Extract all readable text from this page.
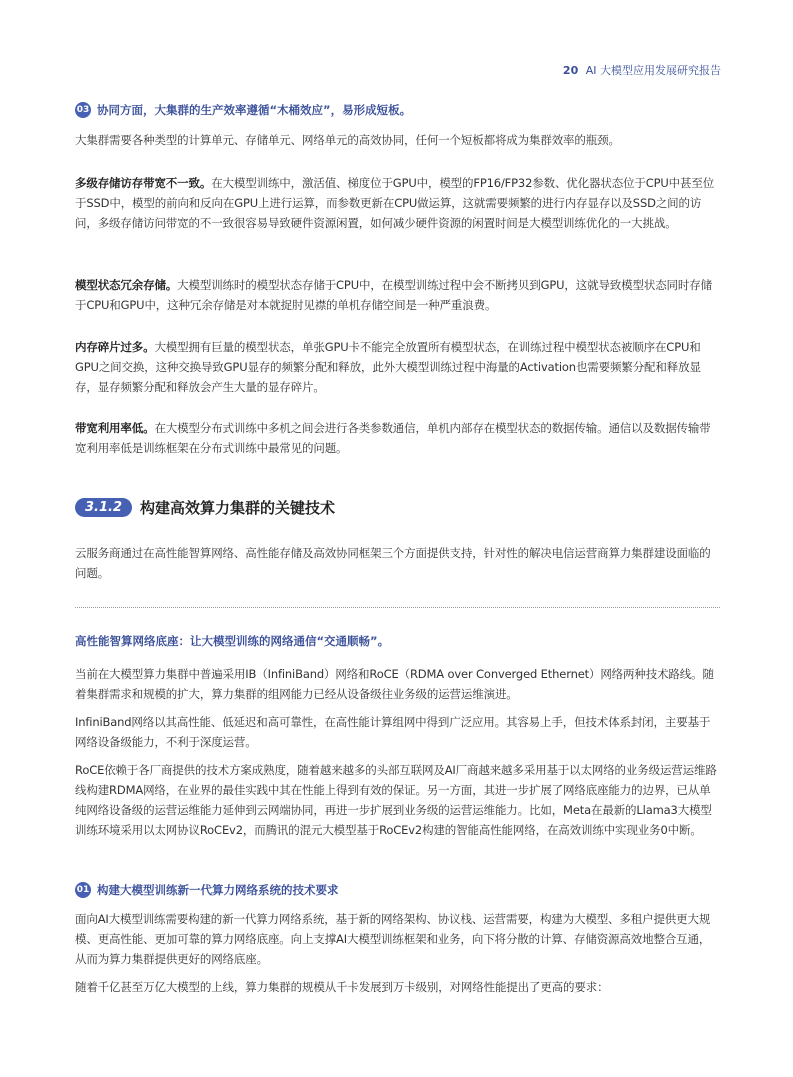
20 AI 大模型应用发展研究报告
03 协同方面，大集群的生产效率遵循“木桶效应”，易形成短板。

大集群需要各种类型的计算单元、存储单元、网络单元的高效协同，任何一个短板都将成为集群效率的瓶颈。

多级存储访存带宽不一致。在大模型训练中，激活值、梯度位于GPU中，模型的FP16/FP32参数、优化器状态位于CPU中甚至位于SSD中，模型的前向和反向在GPU上进行运算，而参数更新在CPU做运算，这就需要频繁的进行内存显存以及SSD之间的访问，多级存储访问带宽的不一致很容易导致硬件资源闲置，如何减少硬件资源的闲置时间是大模型训练优化的一大挑战。

模型状态冗余存储。大模型训练时的模型状态存储于CPU中，在模型训练过程中会不断拷贝到GPU，这就导致模型状态同时存储于CPU和GPU中，这种冗余存储是对本就捉肘见襟的单机存储空间是一种严重浪费。

内存碎片过多。大模型拥有巨量的模型状态，单张GPU卡不能完全放置所有模型状态，在训练过程中模型状态被顺序在CPU和GPU之间交换，这种交换导致GPU显存的频繁分配和释放，此外大模型训练过程中海量的Activation也需要频繁分配和释放显存，显存频繁分配和释放会产生大量的显存碎片。

带宽利用率低。在大模型分布式训练中多机之间会进行各类参数通信，单机内部存在模型状态的数据传输。通信以及数据传输带宽利用率低是训练框架在分布式训练中最常见的问题。

3.1.2	构建高效算力集群的关键技术

云服务商通过在高性能智算网络、高性能存储及高效协同框架三个方面提供支持，针对性的解决电信运营商算力集群建设面临的问题。

高性能智算网络底座：让大模型训练的网络通信“交通顺畅”。

当前在大模型算力集群中普遍采用IB（InfiniBand）网络和RoCE（RDMA over Converged Ethernet）网络两种技术路线。随着集群需求和规模的扩大，算力集群的组网能力已经从设备级往业务级的运营运维演进。

InfiniBand网络以其高性能、低延迟和高可靠性，在高性能计算组网中得到广泛应用。其容易上手，但技术体系封闭，主要基于网络设备级能力，不利于深度运营。

RoCE依赖于各厂商提供的技术方案成熟度，随着越来越多的头部互联网及AI厂商越来越多采用基于以太网络的业务级运营运维路线构建RDMA网络，在业界的最佳实践中其在性能上得到有效的保证。另一方面，其进一步扩展了网络底座能力的边界，已从单纯网络设备级的运营运维能力延伸到云网端协同，再进一步扩展到业务级的运营运维能力。比如，Meta在最新的Llama3大模型训练环境采用以太网协议RoCEv2，而腾讯的混元大模型基于RoCEv2构建的智能高性能网络，在高效训练中实现业务0中断。

01 构建大模型训练新一代算力网络系统的技术要求

面向AI大模型训练需要构建的新一代算力网络系统，基于新的网络架构、协议栈、运营需要，构建为大模型、多租户提供更大规模、更高性能、更加可靠的算力网络底座。向上支撑AI大模型训练框架和业务，向下将分散的计算、存储资源高效地整合互通，从而为算力集群提供更好的网络底座。

随着千亿甚至万亿大模型的上线，算力集群的规模从千卡发展到万卡级别，对网络性能提出了更高的要求：
